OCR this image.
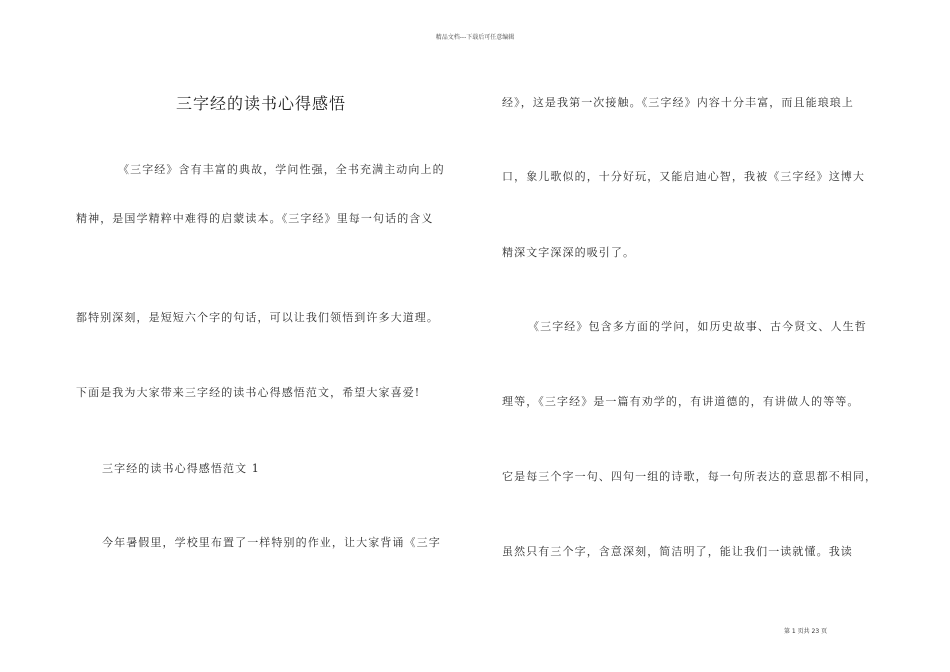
精品文档---下载后可任意编辑
三字经的读书心得感悟
《三字经》含有丰富的典故，学问性强，全书充满主动向上的
精神，是国学精粹中难得的启蒙读本。《三字经》里每一句话的含义
都特别深刻，是短短六个字的句话，可以让我们领悟到许多大道理。
下面是我为大家带来三字经的读书心得感悟范文，希望大家喜爱!
三字经的读书心得感悟范文 1
今年暑假里，学校里布置了一样特别的作业，让大家背诵《三字
经》，这是我第一次接触。《三字经》内容十分丰富，而且能琅琅上
口，象儿歌似的，十分好玩，又能启迪心智，我被《三字经》这博大
精深文字深深的吸引了。
《三字经》包含多方面的学问，如历史故事、古今贤文、人生哲
理等，《三字经》是一篇有劝学的，有讲道德的，有讲做人的等等。
它是每三个字一句、四句一组的诗歌，每一句所表达的意思都不相同，
虽然只有三个字，含意深刻，简洁明了，能让我们一读就懂。我读
第 1 页共 23 页
